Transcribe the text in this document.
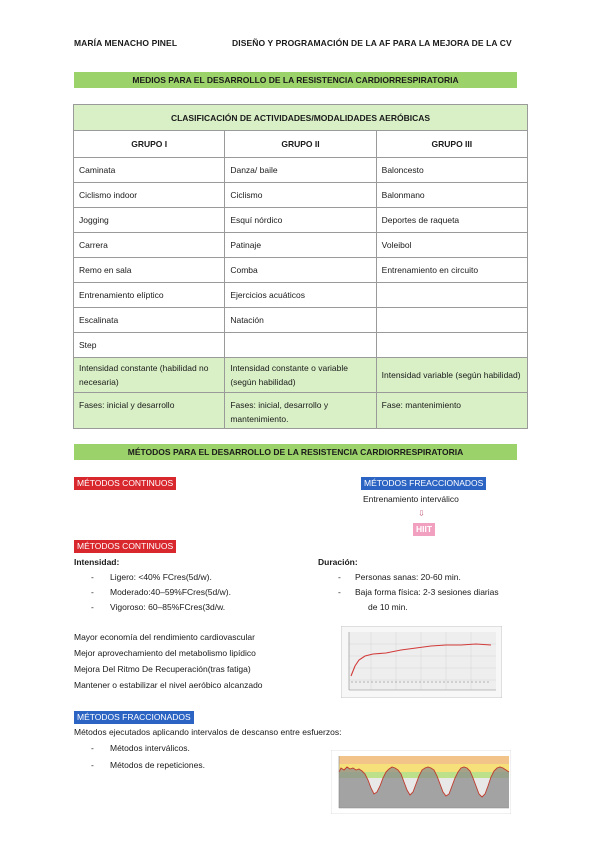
MARÍA MENACHO PINEL	DISEÑO Y PROGRAMACIÓN DE LA AF PARA LA MEJORA DE LA CV
MEDIOS PARA EL DESARROLLO DE LA RESISTENCIA CARDIORRESPIRATORIA
CLASIFICACIÓN DE ACTIVIDADES/MODALIDADES AERÓBICAS		
GRUPO I	GRUPO II	GRUPO III
Caminata	Danza/ baile	Baloncesto
Ciclismo indoor	Ciclismo	Balonmano
Jogging	Esquí nórdico	Deportes de raqueta
Carrera	Patinaje	Voleibol
Remo en sala	Comba	Entrenamiento en circuito
Entrenamiento elíptico	Ejercicios acuáticos	
Escalinata	Natación	
Step		
Intensidad constante (habilidad no necesaria)	Intensidad constante o variable (según habilidad)	Intensidad variable (según habilidad)
Fases: inicial y desarrollo	Fases: inicial, desarrollo y mantenimiento.	Fase: mantenimiento
MÉTODOS PARA EL DESARROLLO DE LA RESISTENCIA CARDIORRESPIRATORIA
MÉTODOS CONTINUOS	MÉTODOS FREACCIONADOS
Entrenamiento interválico
⇩
HIIT
MÉTODOS CONTINUOS
Intensidad:
- Ligero: <40% FCres(5d/w).
- Moderado:40–59%FCres(5d/w).
- Vigoroso: 60–85%FCres(3d/w.
Duración:
- Personas sanas: 20-60 min.
- Baja forma física: 2-3 sesiones diarias
de 10 min.
Mayor economía del rendimiento cardiovascular
Mejor aprovechamiento del metabolismo lipídico
Mejora Del Ritmo De Recuperación(tras fatiga)
Mantener o estabilizar el nivel aeróbico alcanzado
MÉTODOS FRACCIONADOS
Métodos ejecutados aplicando intervalos de descanso entre esfuerzos:
- Métodos interválicos.
- Métodos de repeticiones.
